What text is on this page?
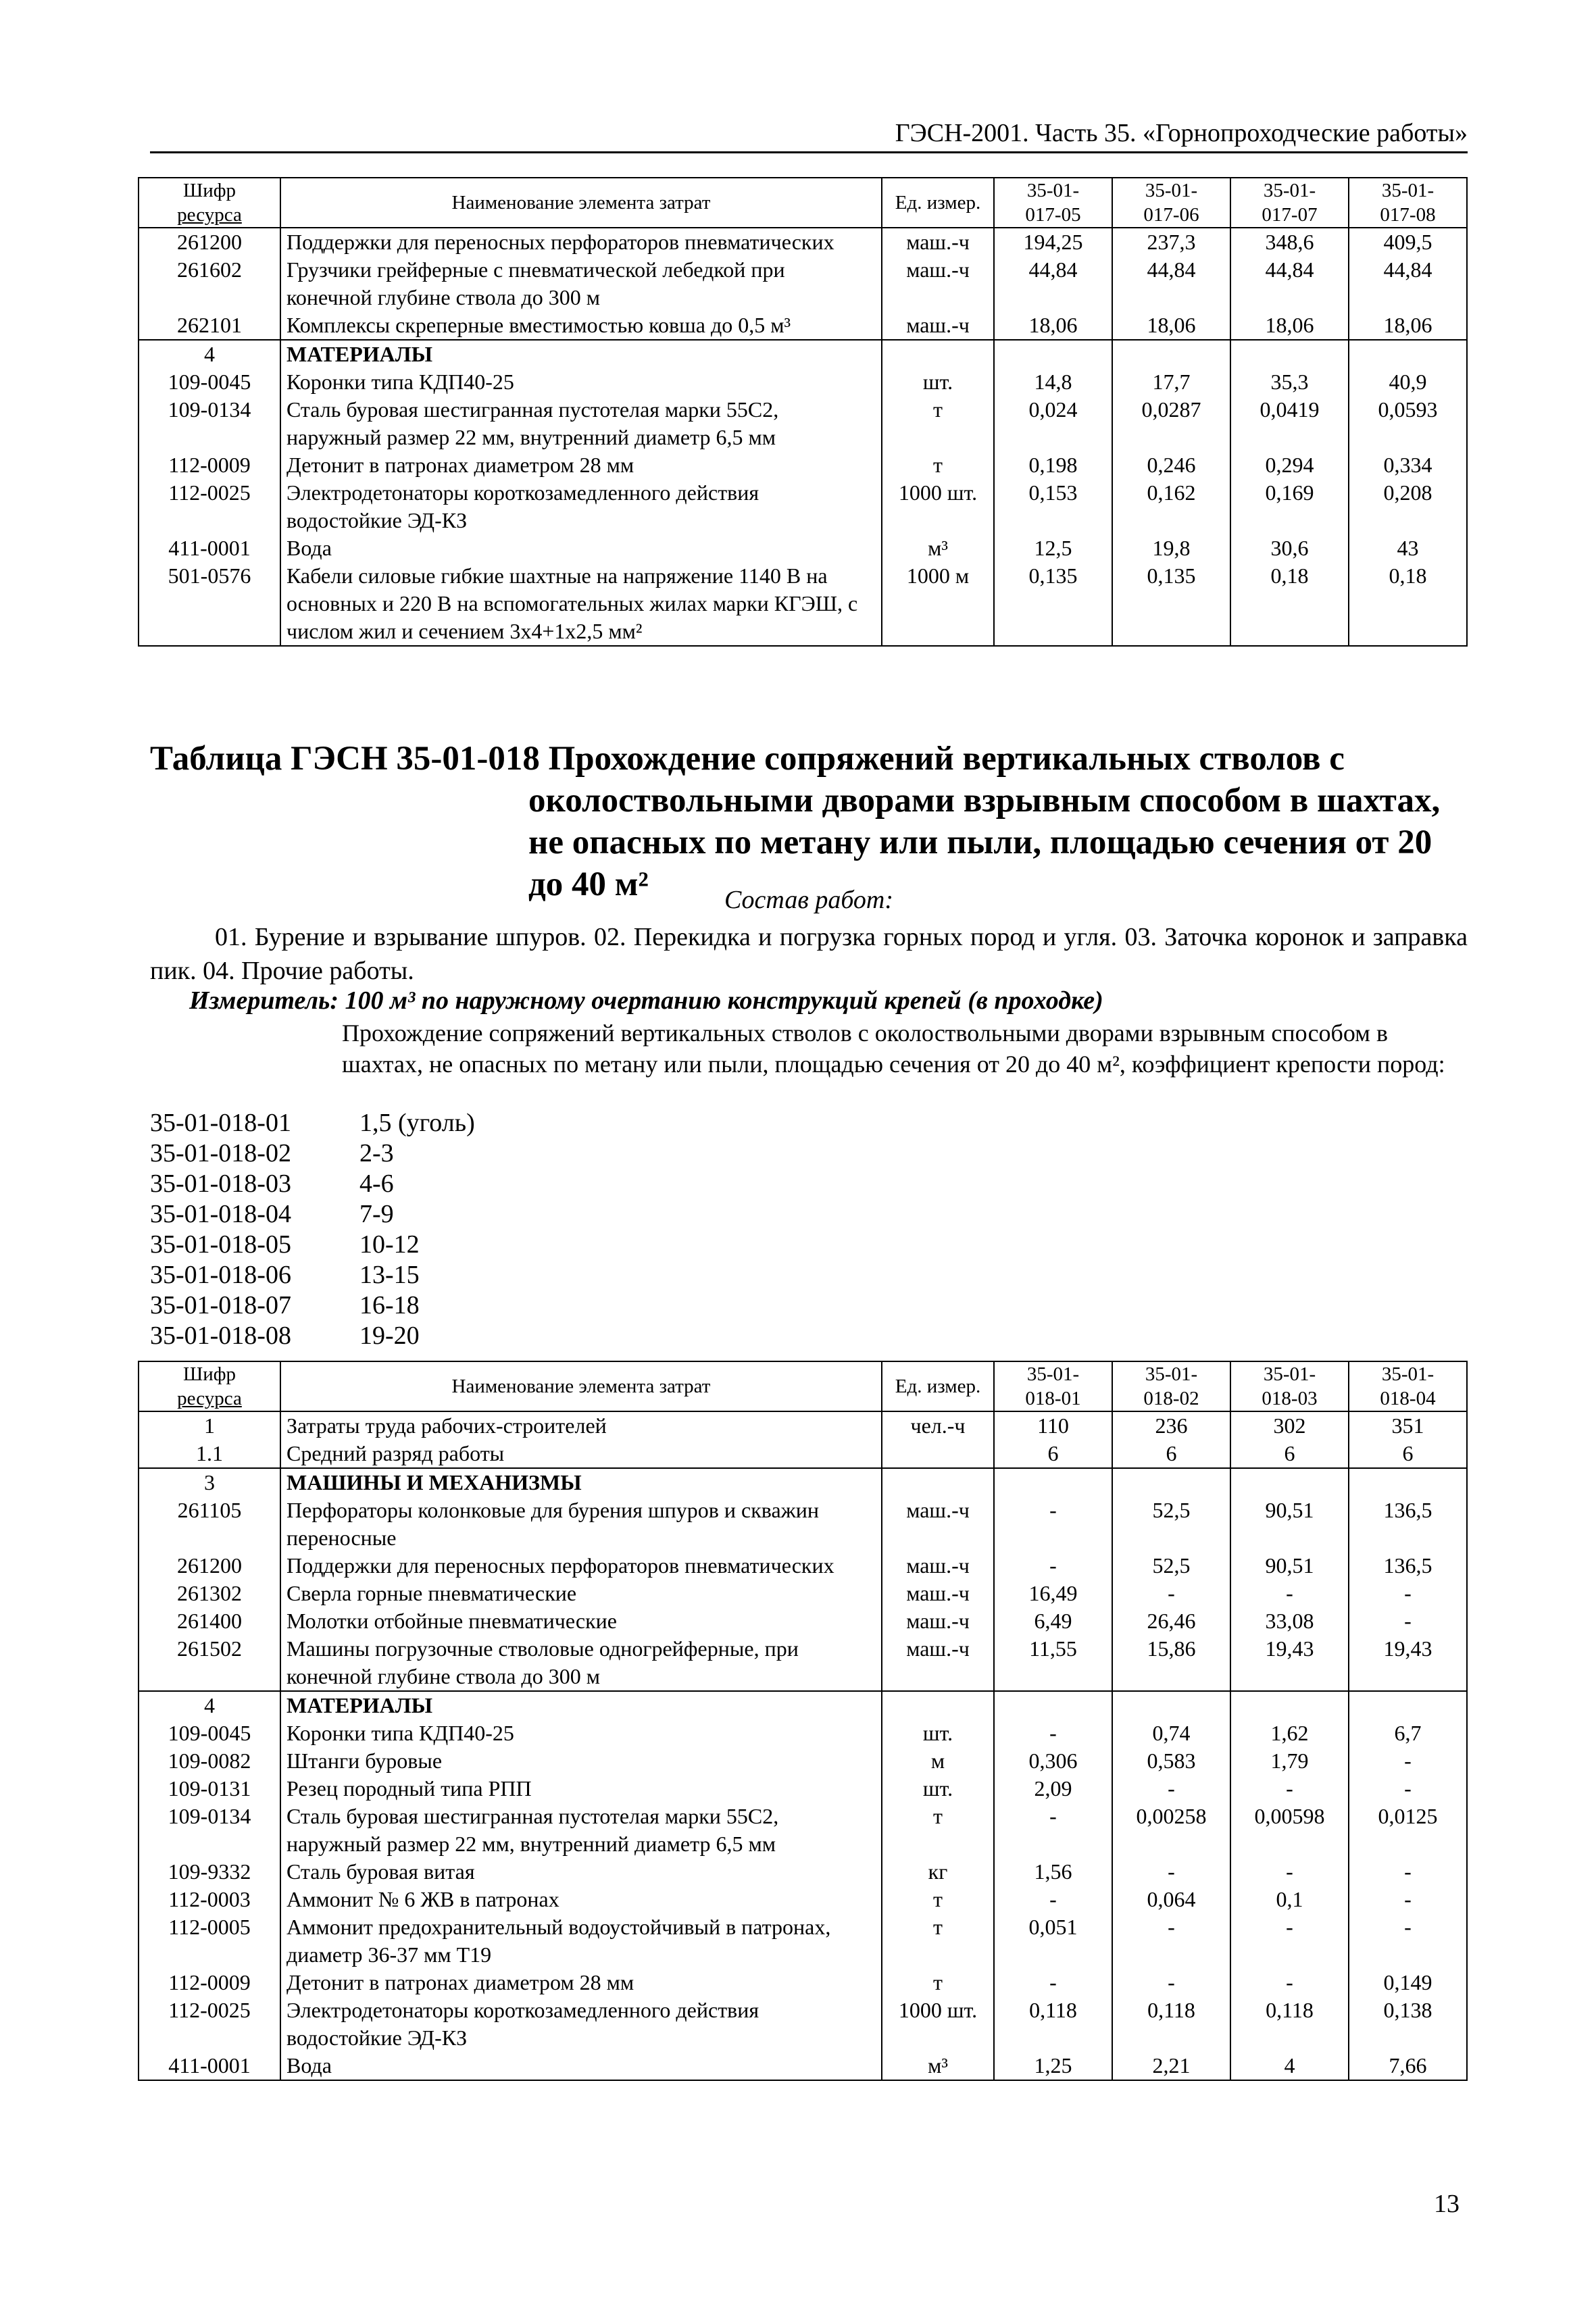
ГЭСН-2001. Часть 35. «Горнопроходческие работы»
Шифр
ресурса	Наименование элемента затрат	Ед. измер.	35-01-
017-05	35-01-
017-06	35-01-
017-07	35-01-
017-08
261200	Поддержки для переносных перфораторов пневматических	маш.-ч	194,25	237,3	348,6	409,5
261602	Грузчики грейферные с пневматической лебедкой при конечной глубине ствола до 300 м	маш.-ч	44,84	44,84	44,84	44,84
262101	Комплексы скреперные вместимостью ковша до 0,5 м³	маш.-ч	18,06	18,06	18,06	18,06
4	МАТЕРИАЛЫ					
109-0045	Коронки типа КДП40-25	шт.	14,8	17,7	35,3	40,9
109-0134	Сталь буровая шестигранная пустотелая марки 55С2, наружный размер 22 мм, внутренний диаметр 6,5 мм	т	0,024	0,0287	0,0419	0,0593
112-0009	Детонит в патронах диаметром 28 мм	т	0,198	0,246	0,294	0,334
112-0025	Электродетонаторы короткозамедленного действия водостойкие ЭД-КЗ	1000 шт.	0,153	0,162	0,169	0,208
411-0001	Вода	м³	12,5	19,8	30,6	43
501-0576	Кабели силовые гибкие шахтные на напряжение 1140 В на основных и 220 В на вспомогательных жилах марки КГЭШ, с числом жил и сечением 3х4+1х2,5 мм²	1000 м	0,135	0,135	0,18	0,18
Таблица ГЭСН 35-01-018 Прохождение сопряжений вертикальных стволов с
околоствольными дворами взрывным способом в шахтах, не опасных по метану или пыли, площадью сечения от 20 до 40 м²	Состав работ:
01. Бурение и взрывание шпуров. 02. Перекидка и погрузка горных пород и угля. 03. Заточка коронок и заправка пик. 04. Прочие работы.
Измеритель: 100 м³ по наружному очертанию конструкций крепей (в проходке)
Прохождение сопряжений вертикальных стволов с околоствольными дворами взрывным способом в шахтах, не опасных по метану или пыли, площадью сечения от 20 до 40 м², коэффициент крепости пород:
35-01-018-01	1,5 (уголь)
35-01-018-02	2-3
35-01-018-03	4-6
35-01-018-04	7-9
35-01-018-05	10-12
35-01-018-06	13-15
35-01-018-07	16-18
35-01-018-08	19-20
Шифр
ресурса	Наименование элемента затрат	Ед. измер.	35-01-
018-01	35-01-
018-02	35-01-
018-03	35-01-
018-04
1	Затраты труда рабочих-строителей	чел.-ч	110	236	302	351
1.1	Средний разряд работы		6	6	6	6
3	МАШИНЫ И МЕХАНИЗМЫ					
261105	Перфораторы колонковые для бурения шпуров и скважин переносные	маш.-ч	-	52,5	90,51	136,5
261200	Поддержки для переносных перфораторов пневматических	маш.-ч	-	52,5	90,51	136,5
261302	Сверла горные пневматические	маш.-ч	16,49	-	-	-
261400	Молотки отбойные пневматические	маш.-ч	6,49	26,46	33,08	-
261502	Машины погрузочные стволовые одногрейферные, при конечной глубине ствола до 300 м	маш.-ч	11,55	15,86	19,43	19,43
4	МАТЕРИАЛЫ					
109-0045	Коронки типа КДП40-25	шт.	-	0,74	1,62	6,7
109-0082	Штанги буровые	м	0,306	0,583	1,79	-
109-0131	Резец породный типа РПП	шт.	2,09	-	-	-
109-0134	Сталь буровая шестигранная пустотелая марки 55С2, наружный размер 22 мм, внутренний диаметр 6,5 мм	т	-	0,00258	0,00598	0,0125
109-9332	Сталь буровая витая	кг	1,56	-	-	-
112-0003	Аммонит № 6 ЖВ в патронах	т	-	0,064	0,1	-
112-0005	Аммонит предохранительный водоустойчивый в патронах, диаметр 36-37 мм Т19	т	0,051	-	-	-
112-0009	Детонит в патронах диаметром 28 мм	т	-	-	-	0,149
112-0025	Электродетонаторы короткозамедленного действия водостойкие ЭД-КЗ	1000 шт.	0,118	0,118	0,118	0,138
411-0001	Вода	м³	1,25	2,21	4	7,66
13
